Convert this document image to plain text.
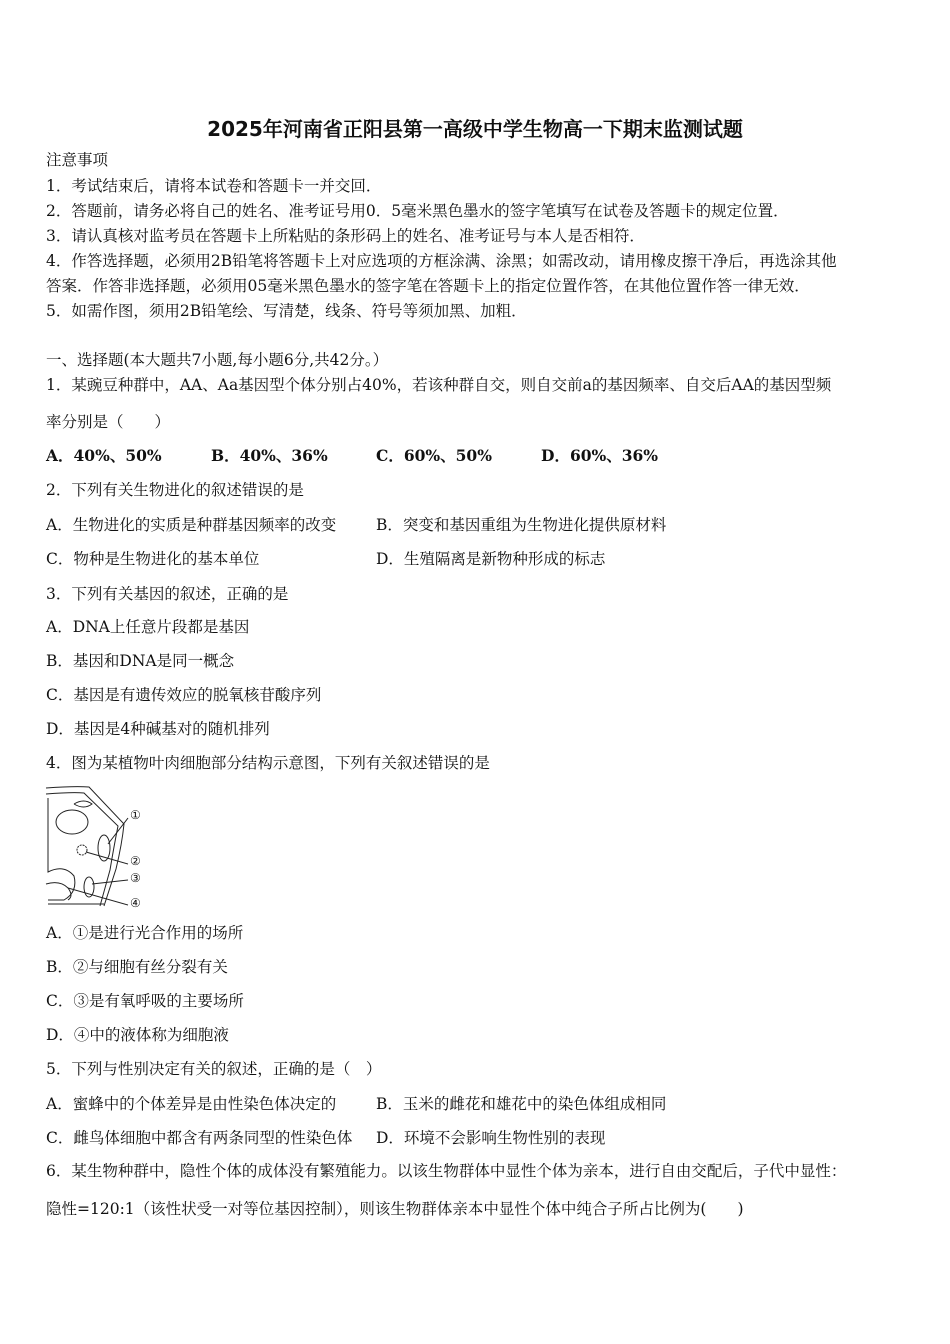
2025年河南省正阳县第一高级中学生物高一下期末监测试题
注意事项
1．考试结束后，请将本试卷和答题卡一并交回．
2．答题前，请务必将自己的姓名、准考证号用0．5毫米黑色墨水的签字笔填写在试卷及答题卡的规定位置．
3．请认真核对监考员在答题卡上所粘贴的条形码上的姓名、准考证号与本人是否相符．
4．作答选择题，必须用2B铅笔将答题卡上对应选项的方框涂满、涂黑；如需改动，请用橡皮擦干净后，再选涂其他
答案．作答非选择题，必须用05毫米黑色墨水的签字笔在答题卡上的指定位置作答，在其他位置作答一律无效．
5．如需作图，须用2B铅笔绘、写清楚，线条、符号等须加黑、加粗．
一、选择题(本大题共7小题,每小题6分,共42分。）
1．某豌豆种群中，AA、Aa基因型个体分别占40%，若该种群自交，则自交前a的基因频率、自交后AA的基因型频
率分别是（　　）
A．40%、50%	B．40%、36%	C．60%、50%	D．60%、36%
2．下列有关生物进化的叙述错误的是
A．生物进化的实质是种群基因频率的改变	B．突变和基因重组为生物进化提供原材料
C．物种是生物进化的基本单位	D．生殖隔离是新物种形成的标志
3．下列有关基因的叙述，正确的是
A．DNA上任意片段都是基因
B．基因和DNA是同一概念
C．基因是有遗传效应的脱氧核苷酸序列
D．基因是4种碱基对的随机排列
4．图为某植物叶肉细胞部分结构示意图，下列有关叙述错误的是
①
②
③
④
A．①是进行光合作用的场所
B．②与细胞有丝分裂有关
C．③是有氧呼吸的主要场所
D．④中的液体称为细胞液
5．下列与性别决定有关的叙述，正确的是（　）
A．蜜蜂中的个体差异是由性染色体决定的	B．玉米的雌花和雄花中的染色体组成相同
C．雌鸟体细胞中都含有两条同型的性染色体 D．环境不会影响生物性别的表现
6．某生物种群中，隐性个体的成体没有繁殖能力。以该生物群体中显性个体为亲本，进行自由交配后，子代中显性：
隐性=120:1（该性状受一对等位基因控制），则该生物群体亲本中显性个体中纯合子所占比例为(　　)
